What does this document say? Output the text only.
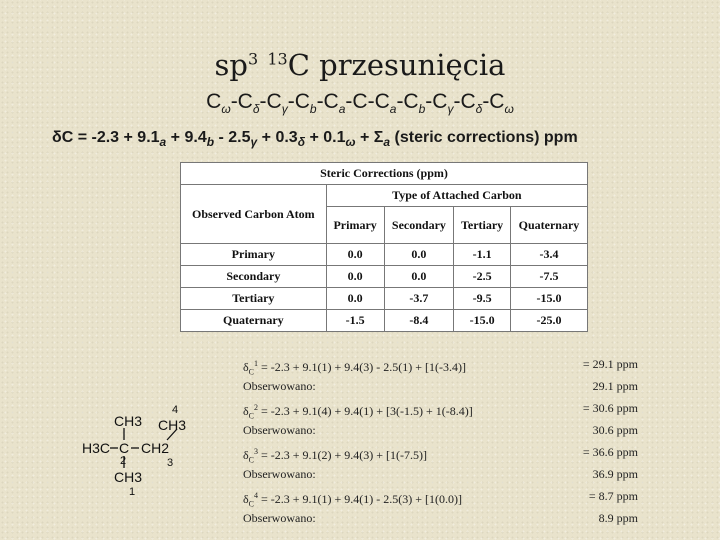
$sp^3$ $^{13}$C przesunięcia
$C_\omega-C_\delta-C_\gamma-C_b-C_a-C-C_a-C_b-C_\gamma-C_\delta-C_\omega$
$\delta C = -2.3 + 9.1_a + 9.4_b - 2.5_\gamma + 0.3_\delta + 0.1_\omega + \Sigma_a$ (steric corrections) ppm
Steric Corrections (ppm)				
Observed Carbon Atom	Type of Attached Carbon			
	Primary	Secondary	Tertiary	Quaternary
Primary	0.0	0.0	-1.1	-3.4
Secondary	0.0	0.0	-2.5	-7.5
Tertiary	0.0	-3.7	-9.5	-15.0
Quaternary	-1.5	-8.4	-15.0	-25.0
$\delta_C^1 = -2.3 + 9.1(1) + 9.4(3) - 2.5(1) + [1(-3.4)]$	= 29.1 ppm
Obserwowano:	29.1 ppm
$\delta_C^2 = -2.3 + 9.1(4) + 9.4(1) + [3(-1.5) + 1(-8.4)]$	= 30.6 ppm
Obserwowano:	30.6 ppm
$\delta_C^3 = -2.3 + 9.1(2) + 9.4(3) + [1(-7.5)]$	= 36.6 ppm
Obserwowano:	36.9 ppm
$\delta_C^4 = -2.3 + 9.1(1) + 9.4(1) - 2.5(3) + [1(0.0)]$	= 8.7 ppm
Obserwowano:	8.9 ppm
CH3 CH3
H3C C CH2
CH3
4
2	3
1
